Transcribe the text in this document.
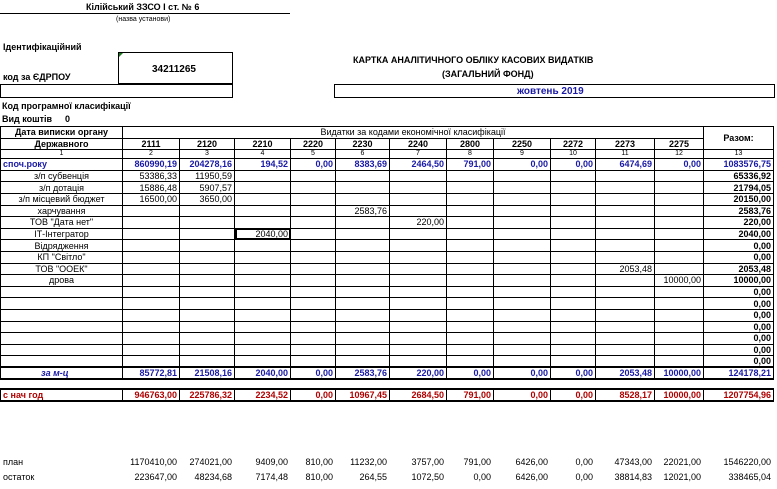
Кілійський ЗЗСО І ст. № 6
(назва установи)
Ідентифікаційний
код за ЄДРПОУ
34211265
КАРТКА АНАЛІТИЧНОГО ОБЛІКУ КАСОВИХ ВИДАТКІВ
(ЗАГАЛЬНИЙ ФОНД)
жовтень 2019
Код програмної класифікації
Вид коштів 0
Дата виписки органу	Видатки за кодами економічної класифікації											Разом:
Державного	2111	2120	2210	2220	2230	2240	2800	2250	2272	2273	2275	
1	2	3	4	5	6	7	8	9	10	11	12	13
споч.року	860990,19	204278,16	194,52	0,00	8383,69	2464,50	791,00	0,00	0,00	6474,69	0,00	1083576,75
з/п субвенція	53386,33	11950,59										65336,92
з/п дотація	15886,48	5907,57										21794,05
з/п місцевий бюджет	16500,00	3650,00										20150,00
харчування					2583,76							2583,76
ТОВ "Дата нет"						220,00						220,00
ІТ-Інтегратор			2040,00									2040,00
Відрядження												0,00
КП "Світло"												0,00
ТОВ "ООЕК"										2053,48		2053,48
дрова											10000,00	10000,00
												0,00
												0,00
												0,00
												0,00
												0,00
												0,00
												0,00
за м-ц	85772,81	21508,16	2040,00	0,00	2583,76	220,00	0,00	0,00	0,00	2053,48	10000,00	124178,21

с нач год	946763,00	225786,32	2234,52	0,00	10967,45	2684,50	791,00	0,00	0,00	8528,17	10000,00	1207754,96
план	1170410,00 274021,00	9409,00 810,00 11232,00	3757,00 791,00	6426,00	0,00 47343,00 22021,00 1546220,00
остаток	223647,00 48234,68	7174,48 810,00	264,55	1072,50	0,00	6426,00	0,00 38814,83 12021,00	338465,04
